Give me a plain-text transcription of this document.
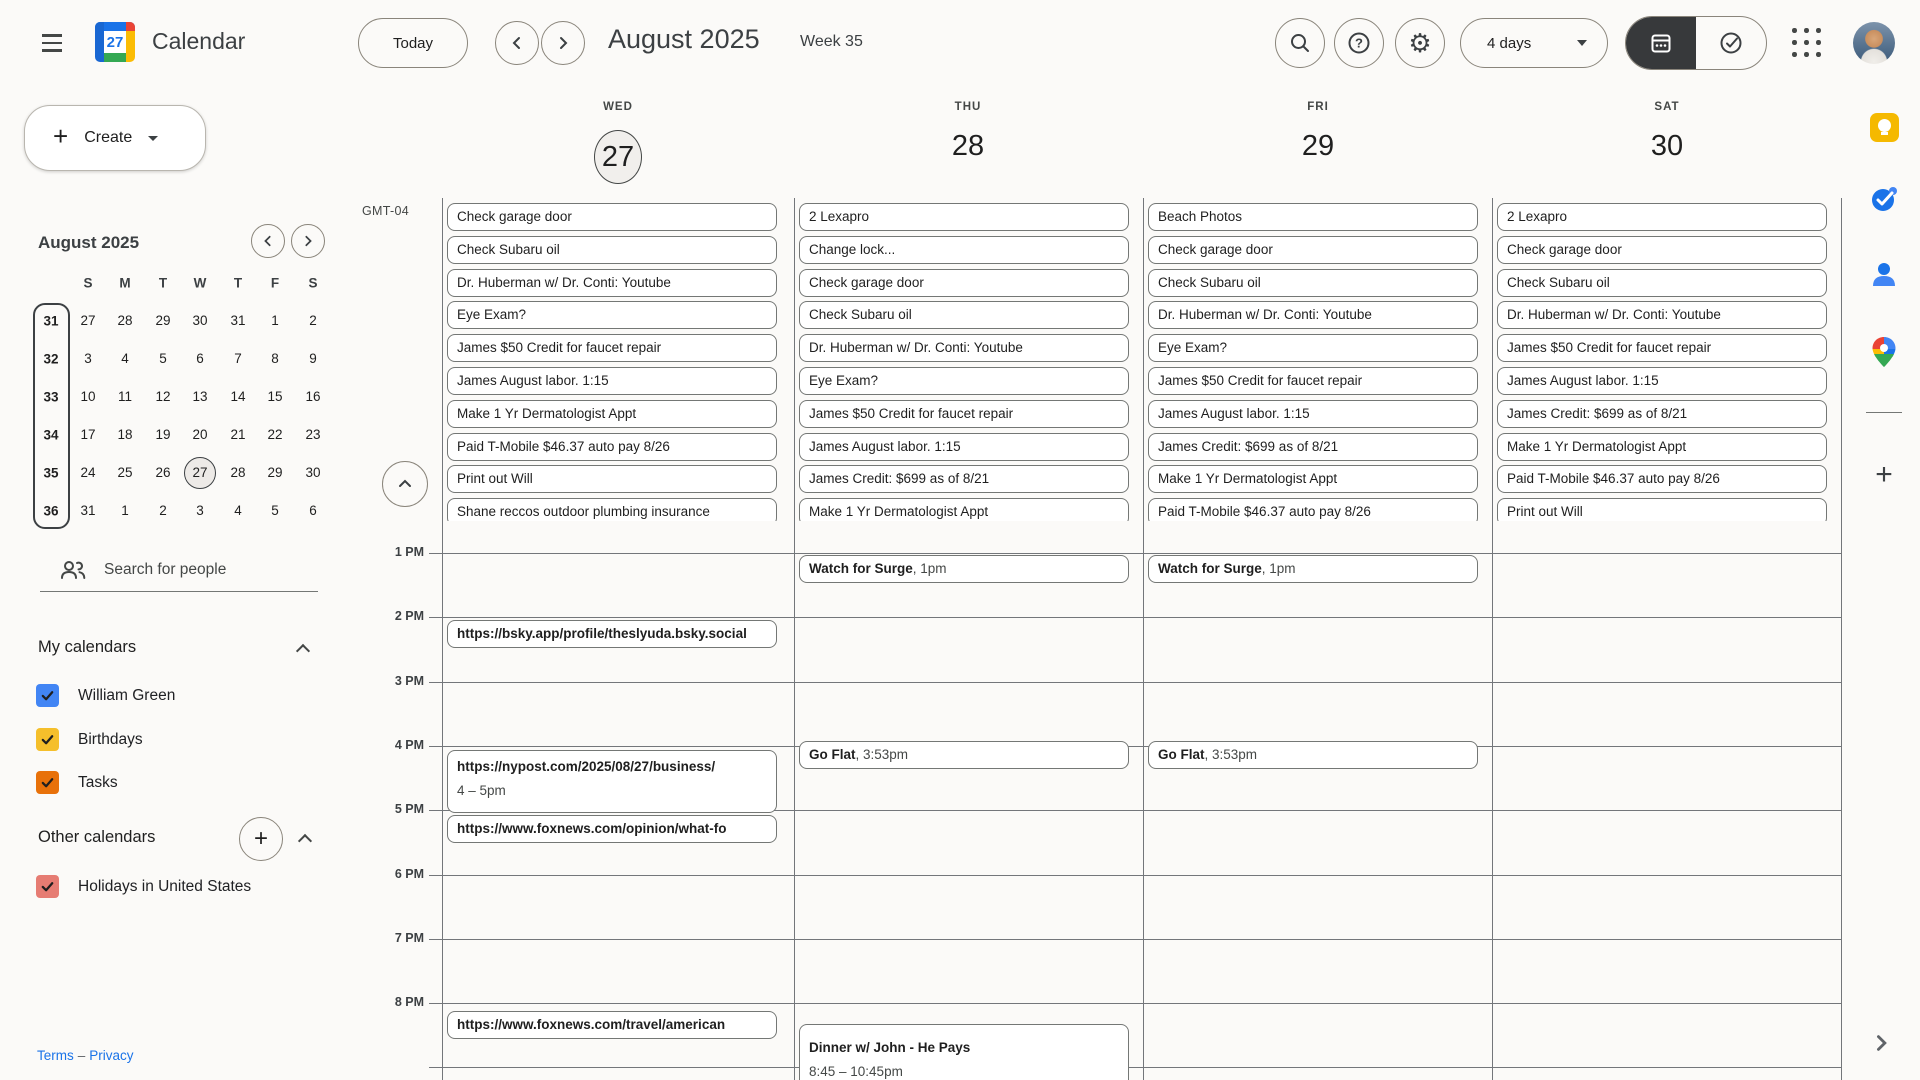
27 Calendar	Today	August 2025	Week 35	? ⚙	4 days
+ Create
August 2025
S M T W T F S
31	27	28	29	30	31	1	2
32	3	4	5	6	7	8	9
33	10	11	12	13	14	15	16
34	17	18	19	20	21	22	23
35	24	25	26	27	28	29	30
36	31	1	2	3	4	5	6
Search for people
My calendars
William Green
Birthdays
Tasks
Other calendars	+
Holidays in United States
Terms – Privacy
GMT-04
1 PM
2 PM
3 PM
4 PM
5 PM
6 PM
7 PM
8 PM
WED
27
THU
28
FRI
29
SAT
30
Check garage door
Check Subaru oil
Dr. Huberman w/ Dr. Conti: Youtube
Eye Exam?
James $50 Credit for faucet repair
James August labor. 1:15
Make 1 Yr Dermatologist Appt
Paid T-Mobile $46.37 auto pay 8/26
Print out Will
Shane reccos outdoor plumbing insurance
2 Lexapro
Change lock...
Check garage door
Check Subaru oil
Dr. Huberman w/ Dr. Conti: Youtube
Eye Exam?
James $50 Credit for faucet repair
James August labor. 1:15
James Credit: $699 as of 8/21
Make 1 Yr Dermatologist Appt
Beach Photos
Check garage door
Check Subaru oil
Dr. Huberman w/ Dr. Conti: Youtube
Eye Exam?
James $50 Credit for faucet repair
James August labor. 1:15
James Credit: $699 as of 8/21
Make 1 Yr Dermatologist Appt
Paid T-Mobile $46.37 auto pay 8/26
2 Lexapro
Check garage door
Check Subaru oil
Dr. Huberman w/ Dr. Conti: Youtube
James $50 Credit for faucet repair
James August labor. 1:15
James Credit: $699 as of 8/21
Make 1 Yr Dermatologist Appt
Paid T-Mobile $46.37 auto pay 8/26
Print out Will
https://bsky.app/profile/theslyuda.bsky.social
https://nypost.com/2025/08/27/business/
4 – 5pm
https://www.foxnews.com/opinion/what-fo
https://www.foxnews.com/travel/american
Watch for Surge, 1pm
Go Flat, 3:53pm
Dinner w/ John - He Pays
8:45 – 10:45pm
Watch for Surge, 1pm
Go Flat, 3:53pm
+
